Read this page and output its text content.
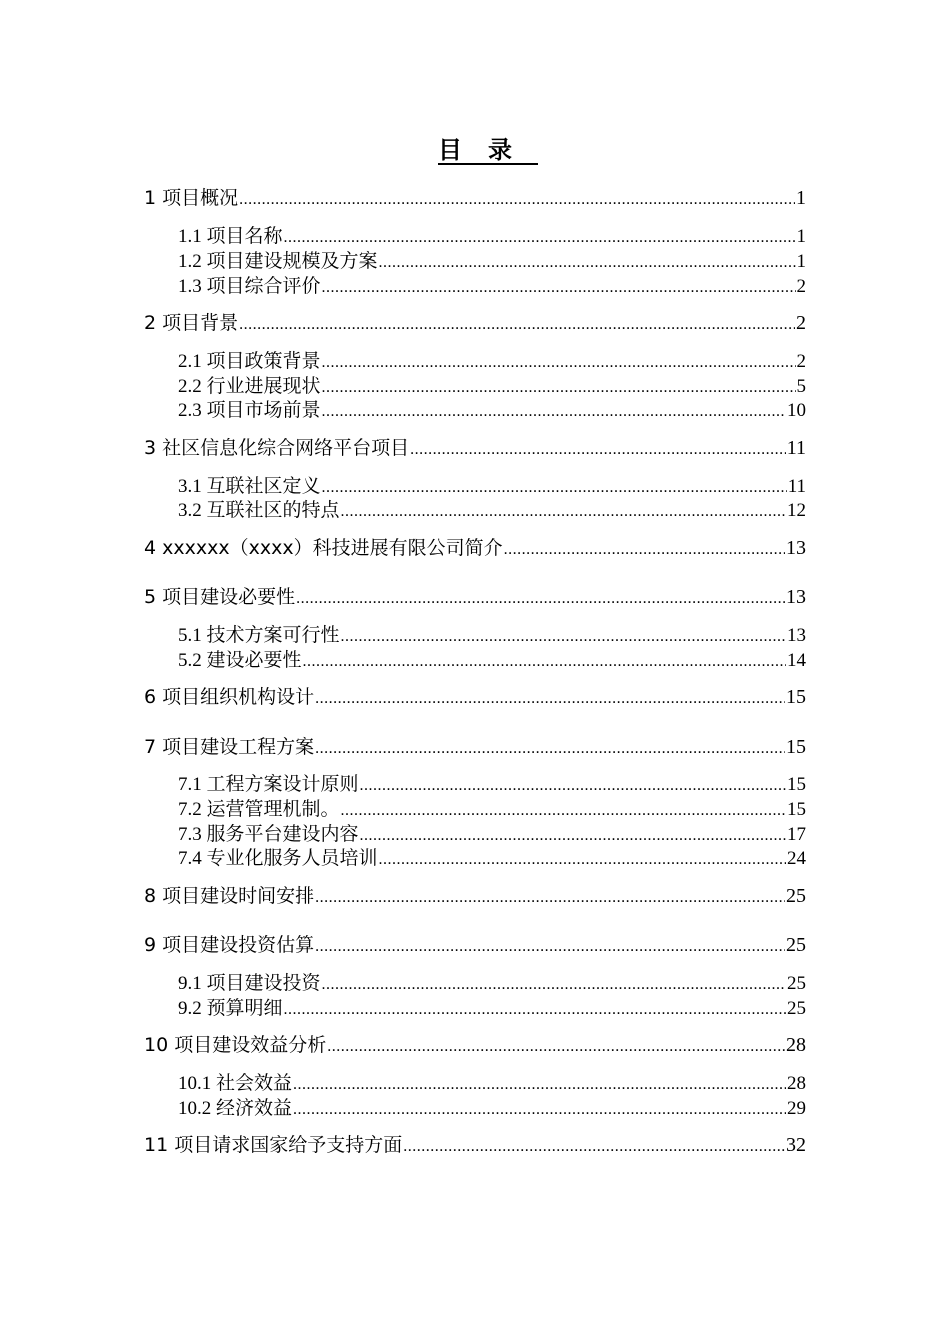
目录
1 项目概况 .....	1
1.1 项目名称 .....	1
1.2 项目建设规模及方案 .....	1
1.3 项目综合评价 .....	2
2 项目背景 .....	2
2.1 项目政策背景 .....	2
2.2 行业进展现状 .....	5
2.3 项目市场前景 .....	10
3 社区信息化综合网络平台项目 .....	11
3.1 互联社区定义 .....	11
3.2 互联社区的特点 .....	12
4 xxxxxx（xxxx）科技进展有限公司简介 .....	13
5 项目建设必要性 .....	13
5.1 技术方案可行性 .....	13
5.2 建设必要性 .....	14
6 项目组织机构设计 .....	15
7 项目建设工程方案 .....	15
7.1 工程方案设计原则 .....	15
7.2 运营管理机制。 .....	15
7.3 服务平台建设内容 .....	17
7.4 专业化服务人员培训 .....	24
8 项目建设时间安排 .....	25
9 项目建设投资估算 .....	25
9.1 项目建设投资 .....	25
9.2 预算明细 .....	25
10 项目建设效益分析 .....	28
10.1 社会效益 .....	28
10.2 经济效益 .....	29
11 项目请求国家给予支持方面 .....	32
